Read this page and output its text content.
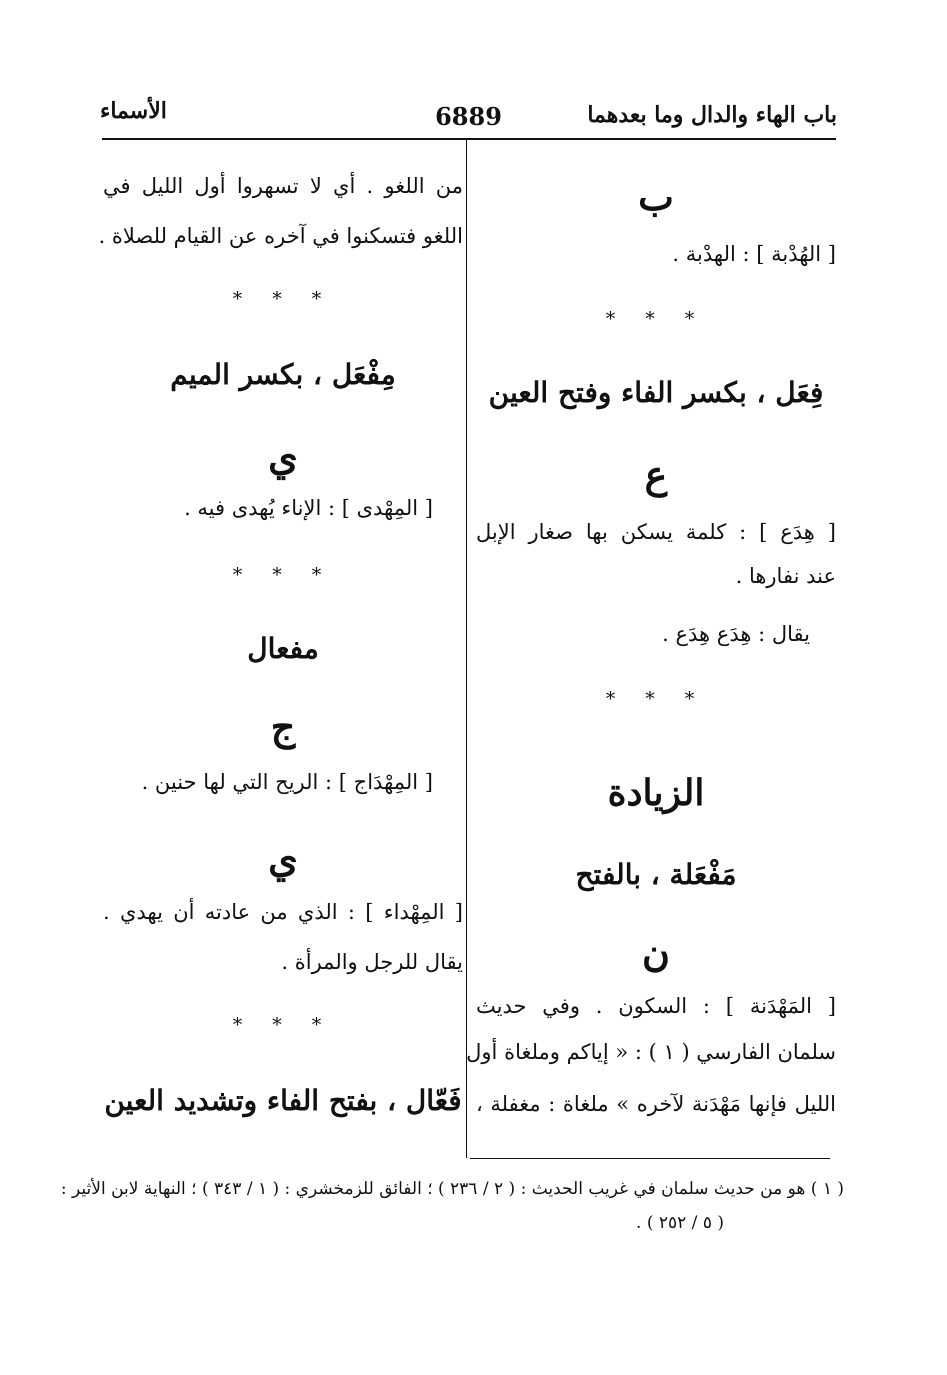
باب الهاء والدال وما بعدهما
6889
الأسماء
ب
[ الهُدْبة ] : الهدْبة .
* * *
فِعَل ، بكسر الفاء وفتح العين
ع
[ هِدَع ] : كلمة يسكن بها صغار الإبل
عند نفارها .
يقال : هِدَع هِدَع .
* * *
الزيادة
مَفْعَلة ، بالفتح
ن
[ المَهْدَنة ] : السكون . وفي حديث
سلمان الفارسي ( ١ ) : « إياكم وملغاة أول
الليل فإنها مَهْدَنة لآخره » ملغاة : مغفلة ،
من اللغو . أي لا تسهروا أول الليل في
اللغو فتسكنوا في آخره عن القيام للصلاة .
* * *
مِفْعَل ، بكسر الميم
ي
[ المِهْدى ] : الإناء يُهدى فيه .
* * *
مفعال
ج
[ المِهْدَاج ] : الريح التي لها حنين .
ي
[ المِهْداء ] : الذي من عادته أن يهدي .
يقال للرجل والمرأة .
* * *
فَعّال ، بفتح الفاء وتشديد العين
( ١ ) هو من حديث سلمان في غريب الحديث : ( ٢ / ٢٣٦ ) ؛ الفائق للزمخشري : ( ١ / ٣٤٣ ) ؛ النهاية لابن الأثير :
( ٥ / ٢٥٢ ) .
